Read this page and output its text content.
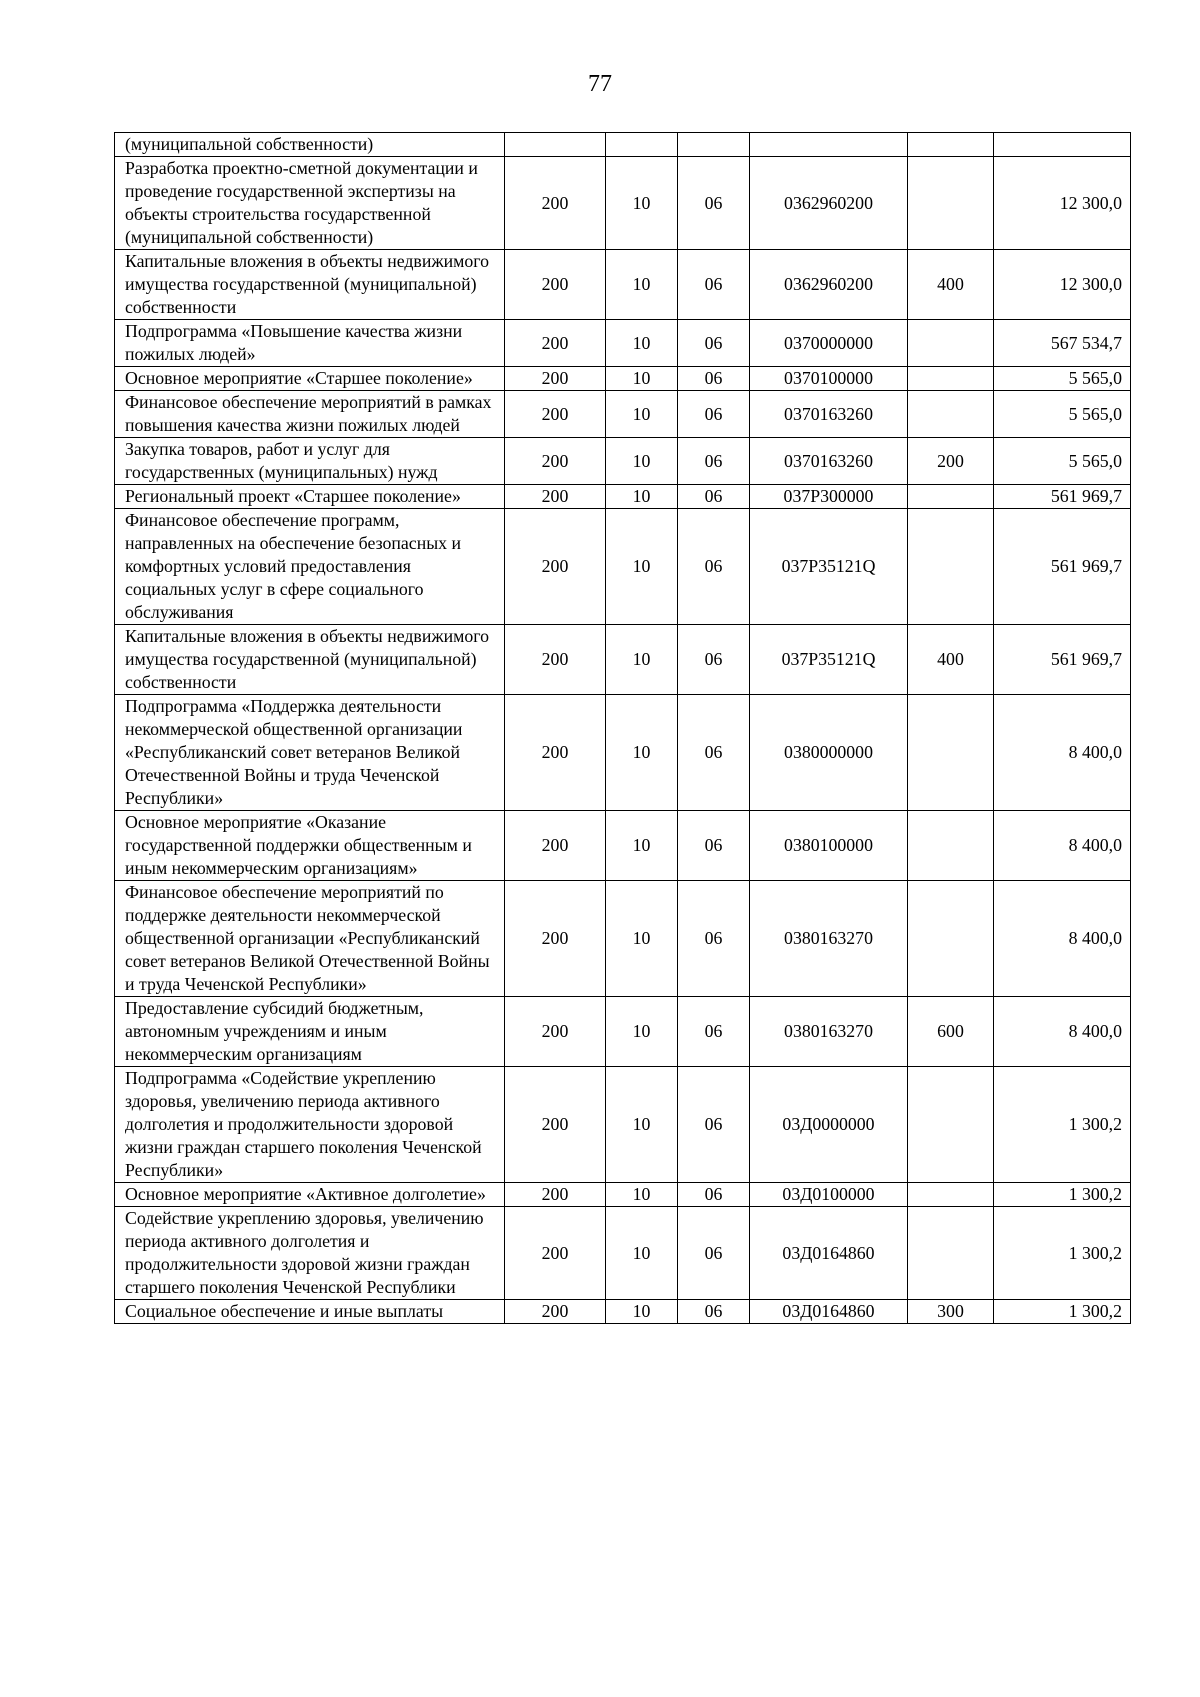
77
(муниципальной собственности)						
Разработка проектно-сметной документации и проведение государственной экспертизы на объекты строительства государственной (муниципальной собственности)	200	10	06	0362960200		12 300,0
Капитальные вложения в объекты недвижимого имущества государственной (муниципальной) собственности	200	10	06	0362960200	400	12 300,0
Подпрограмма «Повышение качества жизни пожилых людей»	200	10	06	0370000000		567 534,7
Основное мероприятие «Старшее поколение»	200	10	06	0370100000		5 565,0
Финансовое обеспечение мероприятий в рамках повышения качества жизни пожилых людей	200	10	06	0370163260		5 565,0
Закупка товаров, работ и услуг для государственных (муниципальных) нужд	200	10	06	0370163260	200	5 565,0
Региональный проект «Старшее поколение»	200	10	06	037P300000		561 969,7
Финансовое обеспечение программ, направленных на обеспечение безопасных и комфортных условий предоставления социальных услуг в сфере социального обслуживания	200	10	06	037P35121Q		561 969,7
Капитальные вложения в объекты недвижимого имущества государственной (муниципальной) собственности	200	10	06	037P35121Q	400	561 969,7
Подпрограмма «Поддержка деятельности некоммерческой общественной организации «Республиканский совет ветеранов Великой Отечественной Войны и труда Чеченской Республики»	200	10	06	0380000000		8 400,0
Основное мероприятие «Оказание государственной поддержки общественным и иным некоммерческим организациям»	200	10	06	0380100000		8 400,0
Финансовое обеспечение мероприятий по поддержке деятельности некоммерческой общественной организации «Республиканский совет ветеранов Великой Отечественной Войны и труда Чеченской Республики»	200	10	06	0380163270		8 400,0
Предоставление субсидий бюджетным, автономным учреждениям и иным некоммерческим организациям	200	10	06	0380163270	600	8 400,0
Подпрограмма «Содействие укреплению здоровья, увеличению периода активного долголетия и продолжительности здоровой жизни граждан старшего поколения Чеченской Республики»	200	10	06	03Д0000000		1 300,2
Основное мероприятие «Активное долголетие»	200	10	06	03Д0100000		1 300,2
Содействие укреплению здоровья, увеличению периода активного долголетия и продолжительности здоровой жизни граждан старшего поколения Чеченской Республики	200	10	06	03Д0164860		1 300,2
Социальное обеспечение и иные выплаты	200	10	06	03Д0164860	300	1 300,2
